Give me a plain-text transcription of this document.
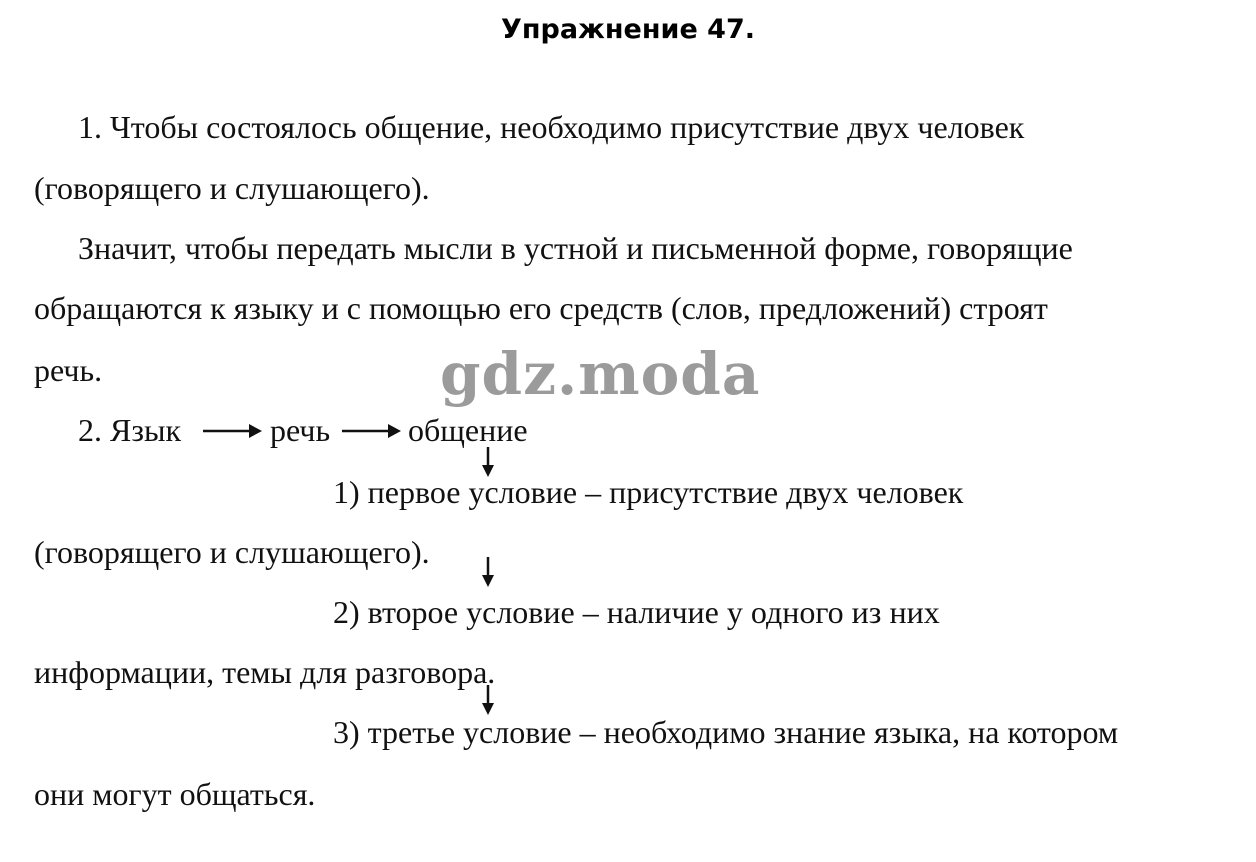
Упражнение 47.
1. Чтобы состоялось общение, необходимо присутствие двух человек
(говорящего и слушающего).
Значит, чтобы передать мысли в устной и письменной форме, говорящие
обращаются к языку и с помощью его средств (слов, предложений) строят
речь.	gdz.moda
2. Язык	речь общение
1) первое условие – присутствие двух человек
(говорящего и слушающего).
2) второе условие – наличие у одного из них
информации, темы для разговора.
3) третье условие – необходимо знание языка, на котором
они могут общаться.
